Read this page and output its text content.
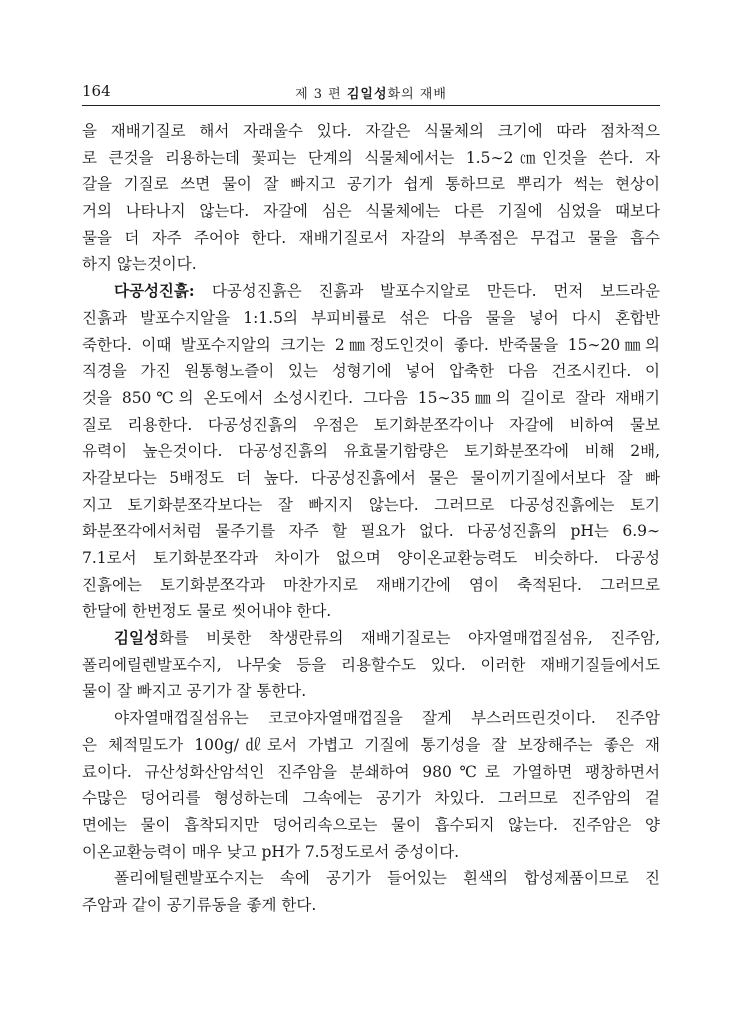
164	제 3 편 김일성화의 재배
을 재배기질로 해서 자래울수 있다. 자갈은 식물체의 크기에 따라 점차적으
로 큰것을 리용하는데 꽃피는 단계의 식물체에서는 1.5∼2㎝인것을 쓴다. 자
갈을 기질로 쓰면 물이 잘 빠지고 공기가 쉽게 통하므로 뿌리가 썩는 현상이
거의 나타나지 않는다. 자갈에 심은 식물체에는 다른 기질에 심었을 때보다
물을 더 자주 주어야 한다. 재배기질로서 자갈의 부족점은 무겁고 물을 흡수
하지 않는것이다.
다공성진흙: 다공성진흙은 진흙과 발포수지알로 만든다. 먼저 보드라운
진흙과 발포수지알을 1:1.5의 부피비률로 섞은 다음 물을 넣어 다시 혼합반
죽한다. 이때 발포수지알의 크기는 2㎜정도인것이 좋다. 반죽물을 15∼20㎜의
직경을 가진 원통형노즐이 있는 성형기에 넣어 압축한 다음 건조시킨다. 이
것을 850℃의 온도에서 소성시킨다. 그다음 15∼35㎜의 길이로 잘라 재배기
질로 리용한다. 다공성진흙의 우점은 토기화분쪼각이나 자갈에 비하여 물보
유력이 높은것이다. 다공성진흙의 유효물기함량은 토기화분쪼각에 비해 2배,
자갈보다는 5배정도 더 높다. 다공성진흙에서 물은 물이끼기질에서보다 잘 빠
지고 토기화분쪼각보다는 잘 빠지지 않는다. 그러므로 다공성진흙에는 토기
화분쪼각에서처럼 물주기를 자주 할 필요가 없다. 다공성진흙의 pH는 6.9∼
7.1로서 토기화분쪼각과 차이가 없으며 양이온교환능력도 비슷하다. 다공성
진흙에는 토기화분쪼각과 마찬가지로 재배기간에 염이 축적된다. 그러므로
한달에 한번정도 물로 씻어내야 한다.
김일성화를 비롯한 착생란류의 재배기질로는 야자열매껍질섬유, 진주암,
폴리에릴렌발포수지, 나무숯 등을 리용할수도 있다. 이러한 재배기질들에서도
물이 잘 빠지고 공기가 잘 통한다.
야자열매껍질섬유는 코코야자열매껍질을 잘게 부스러뜨린것이다. 진주암
은 체적밀도가 100g/㎗로서 가볍고 기질에 통기성을 잘 보장해주는 좋은 재
료이다. 규산성화산암석인 진주암을 분쇄하여 980℃로 가열하면 팽창하면서
수많은 덩어리를 형성하는데 그속에는 공기가 차있다. 그러므로 진주암의 겉
면에는 물이 흡착되지만 덩어리속으로는 물이 흡수되지 않는다. 진주암은 양
이온교환능력이 매우 낮고 pH가 7.5정도로서 중성이다.
폴리에틸렌발포수지는 속에 공기가 들어있는 흰색의 합성제품이므로 진
주암과 같이 공기류동을 좋게 한다.
